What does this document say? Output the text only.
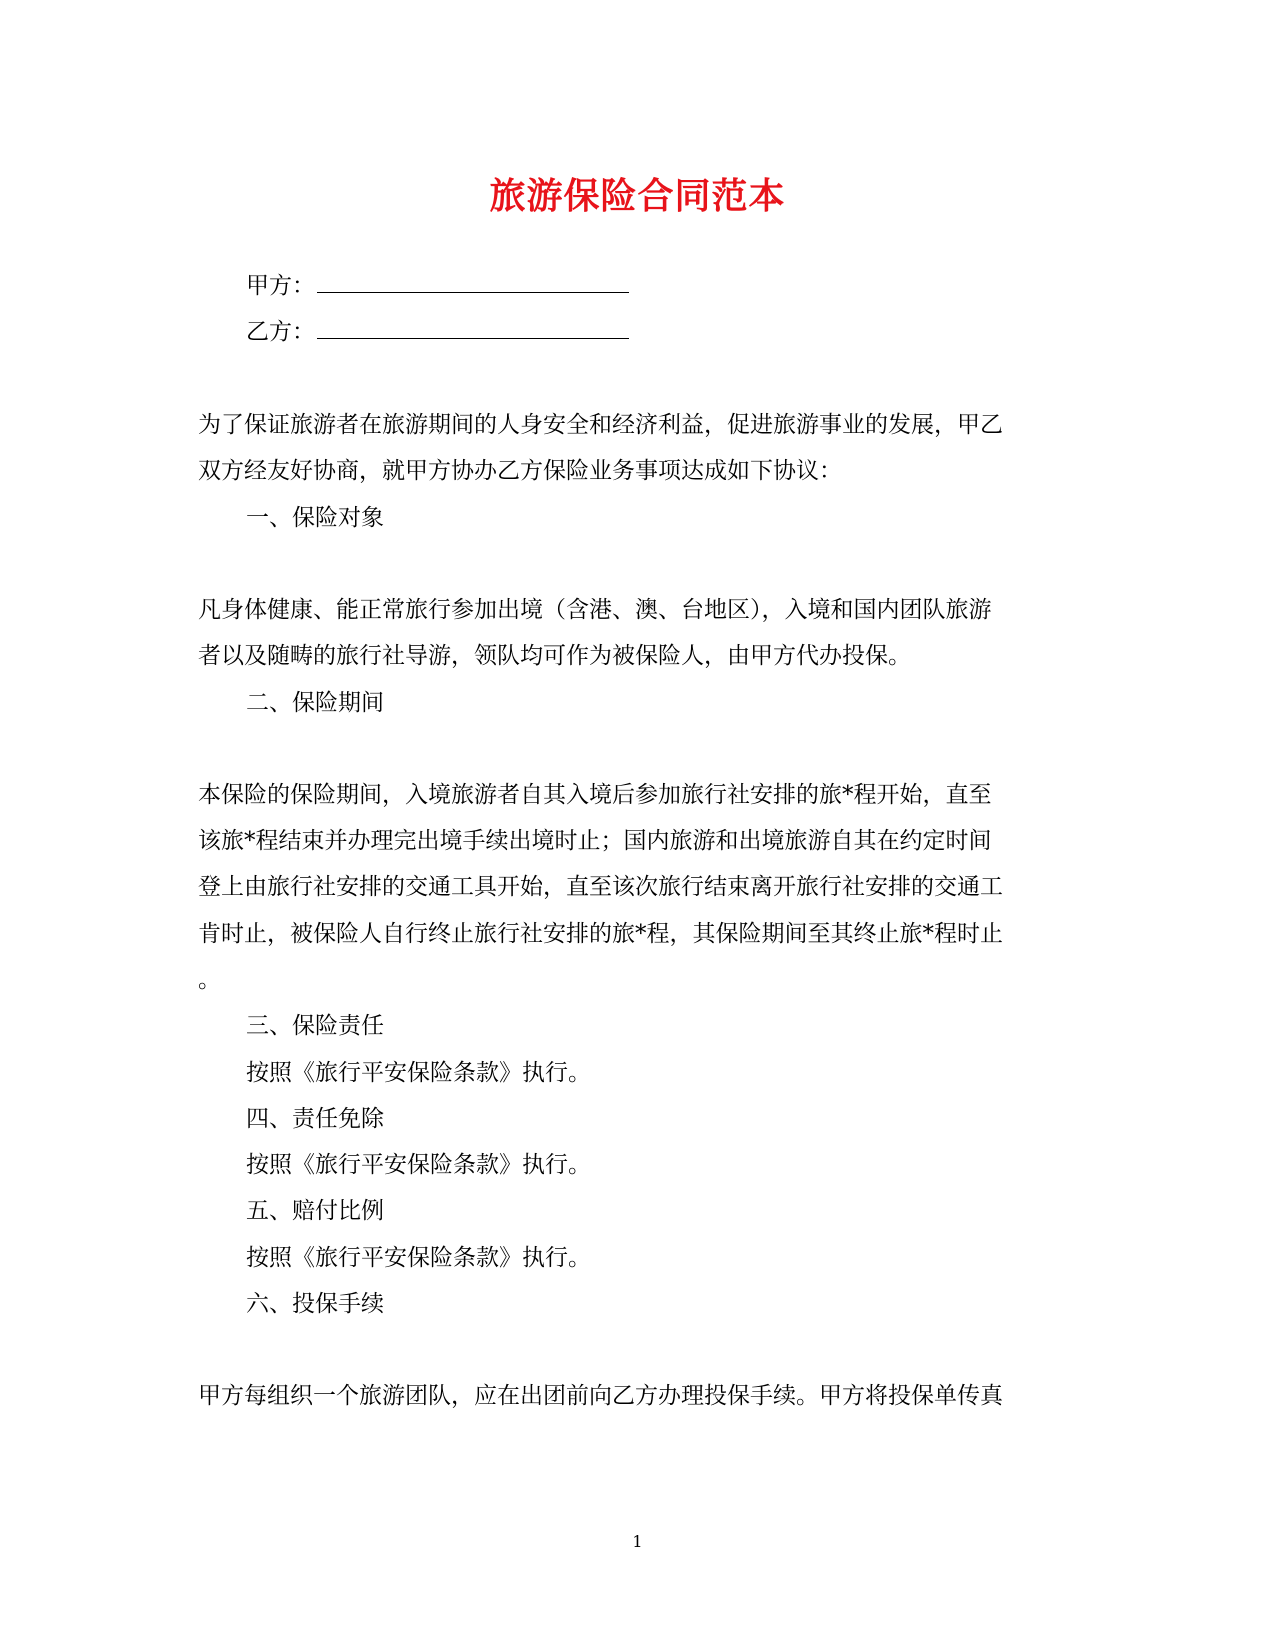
旅游保险合同范本
甲方：
乙方：
为了保证旅游者在旅游期间的人身安全和经济利益，促进旅游事业的发展，甲乙
双方经友好协商，就甲方协办乙方保险业务事项达成如下协议：
一、保险对象
凡身体健康、能正常旅行参加出境（含港、澳、台地区），入境和国内团队旅游
者以及随畴的旅行社导游，领队均可作为被保险人，由甲方代办投保。
二、保险期间
本保险的保险期间，入境旅游者自其入境后参加旅行社安排的旅*程开始，直至
该旅*程结束并办理完出境手续出境时止；国内旅游和出境旅游自其在约定时间
登上由旅行社安排的交通工具开始，直至该次旅行结束离开旅行社安排的交通工
肯时止，被保险人自行终止旅行社安排的旅*程，其保险期间至其终止旅*程时止
。
三、保险责任
按照《旅行平安保险条款》执行。
四、责任免除
按照《旅行平安保险条款》执行。
五、赔付比例
按照《旅行平安保险条款》执行。
六、投保手续
甲方每组织一个旅游团队，应在出团前向乙方办理投保手续。甲方将投保单传真
1
